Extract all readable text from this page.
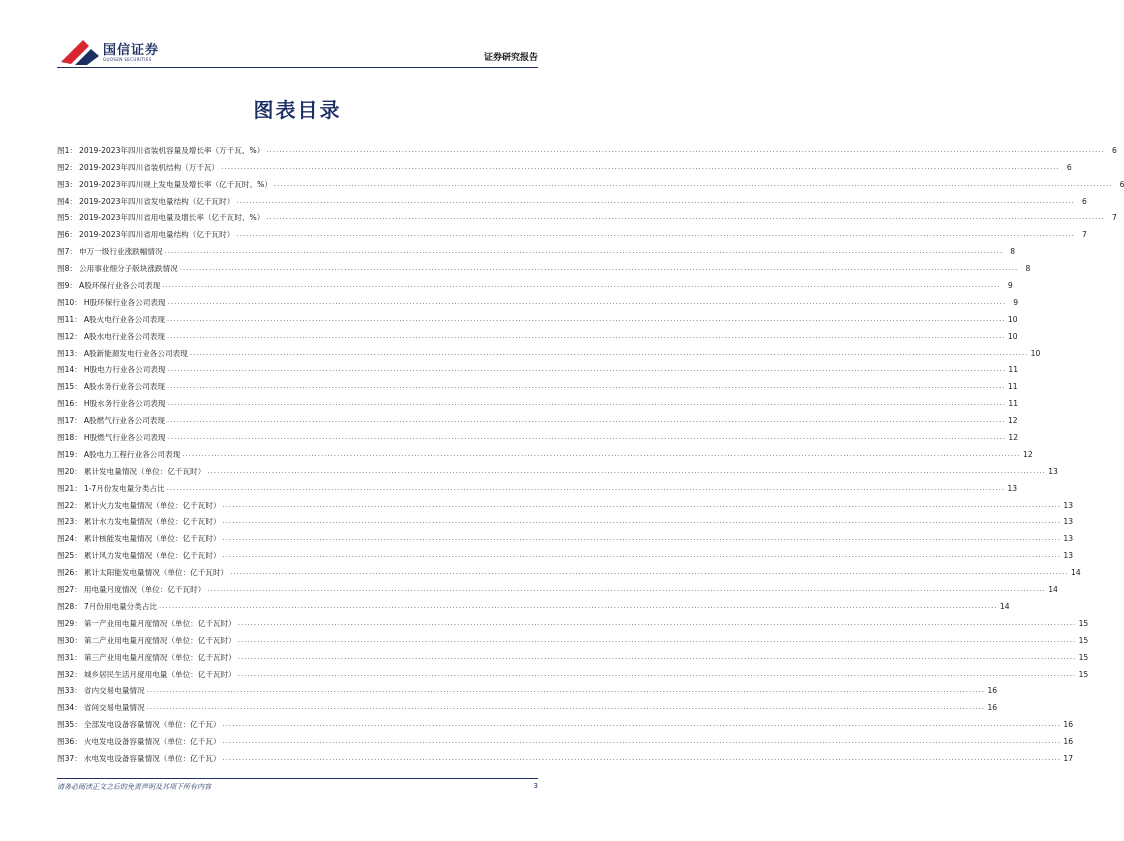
国信证券
GUOSEN SECURITIES	证券研究报告
图表目录
图1： 2019-2023年四川省装机容量及增长率（万千瓦、%） .................................................................................................................................................................................................................................................................... 6
图2： 2019-2023年四川省装机结构（万千瓦） .................................................................................................................................................................................................................................................................... 6
图3： 2019-2023年四川规上发电量及增长率（亿千瓦时、%） .................................................................................................................................................................................................................................................................... 6
图4： 2019-2023年四川省发电量结构（亿千瓦时） .................................................................................................................................................................................................................................................................... 6
图5： 2019-2023年四川省用电量及增长率（亿千瓦时、%） .................................................................................................................................................................................................................................................................... 7
图6： 2019-2023年四川省用电量结构（亿千瓦时） .................................................................................................................................................................................................................................................................... 7
图7： 申万一级行业涨跌幅情况 .................................................................................................................................................................................................................................................................... 8
图8： 公用事业细分子版块涨跌情况 .................................................................................................................................................................................................................................................................... 8
图9： A股环保行业各公司表现 .................................................................................................................................................................................................................................................................... 9
图10： H股环保行业各公司表现 .................................................................................................................................................................................................................................................................... 9
图11： A股火电行业各公司表现 .................................................................................................................................................................................................................................................................... 10
图12： A股水电行业各公司表现 .................................................................................................................................................................................................................................................................... 10
图13： A股新能源发电行业各公司表现 .................................................................................................................................................................................................................................................................... 10
图14： H股电力行业各公司表现 .................................................................................................................................................................................................................................................................... 11
图15： A股水务行业各公司表现 .................................................................................................................................................................................................................................................................... 11
图16： H股水务行业各公司表现 .................................................................................................................................................................................................................................................................... 11
图17： A股燃气行业各公司表现 .................................................................................................................................................................................................................................................................... 12
图18： H股燃气行业各公司表现 .................................................................................................................................................................................................................................................................... 12
图19： A股电力工程行业各公司表现 .................................................................................................................................................................................................................................................................... 12
图20： 累计发电量情况（单位：亿千瓦时） .................................................................................................................................................................................................................................................................... 13
图21： 1-7月份发电量分类占比 .................................................................................................................................................................................................................................................................... 13
图22： 累计火力发电量情况（单位：亿千瓦时） .................................................................................................................................................................................................................................................................... 13
图23： 累计水力发电量情况（单位：亿千瓦时） .................................................................................................................................................................................................................................................................... 13
图24： 累计核能发电量情况（单位：亿千瓦时） .................................................................................................................................................................................................................................................................... 13
图25： 累计风力发电量情况（单位：亿千瓦时） .................................................................................................................................................................................................................................................................... 13
图26： 累计太阳能发电量情况（单位：亿千瓦时） .................................................................................................................................................................................................................................................................... 14
图27： 用电量月度情况（单位：亿千瓦时） .................................................................................................................................................................................................................................................................... 14
图28： 7月份用电量分类占比 .................................................................................................................................................................................................................................................................... 14
图29： 第一产业用电量月度情况（单位：亿千瓦时） .................................................................................................................................................................................................................................................................... 15
图30： 第二产业用电量月度情况（单位：亿千瓦时） .................................................................................................................................................................................................................................................................... 15
图31： 第三产业用电量月度情况（单位：亿千瓦时） .................................................................................................................................................................................................................................................................... 15
图32： 城乡居民生活月度用电量（单位：亿千瓦时） .................................................................................................................................................................................................................................................................... 15
图33： 省内交易电量情况 .................................................................................................................................................................................................................................................................... 16
图34： 省间交易电量情况 .................................................................................................................................................................................................................................................................... 16
图35： 全部发电设备容量情况（单位：亿千瓦） .................................................................................................................................................................................................................................................................... 16
图36： 火电发电设备容量情况（单位：亿千瓦） .................................................................................................................................................................................................................................................................... 16
图37： 水电发电设备容量情况（单位：亿千瓦） .................................................................................................................................................................................................................................................................... 17
请务必阅读正文之后的免责声明及其项下所有内容	3
